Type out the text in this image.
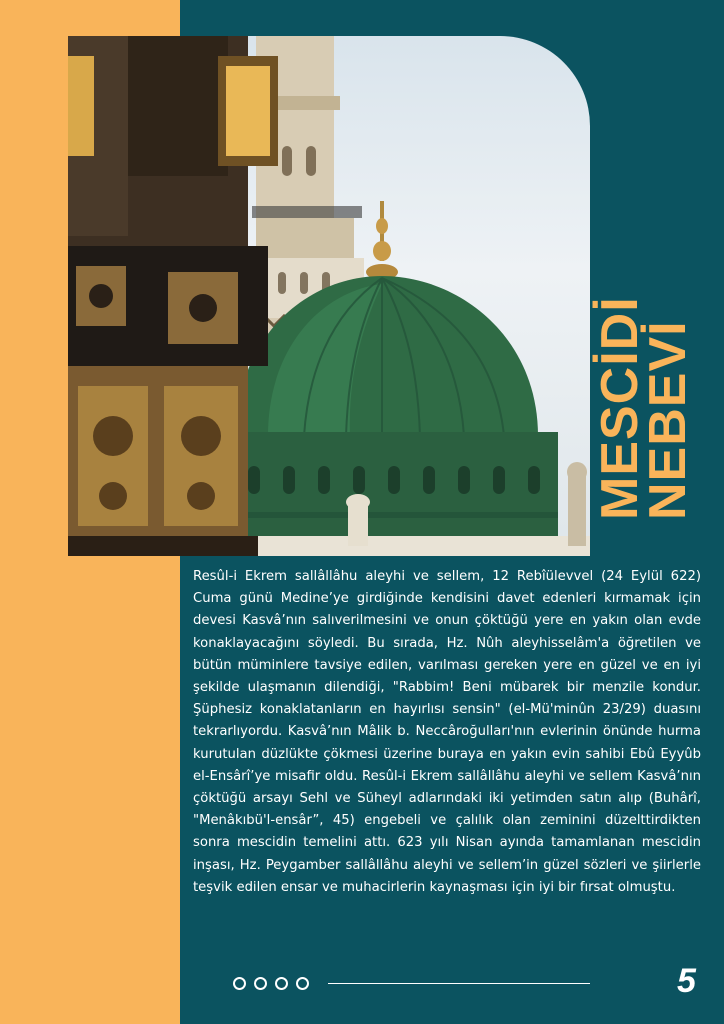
MESCİDİ
NEBEVİ

Resûl-i Ekrem sallâllâhu aleyhi ve sellem, 12 Rebîülevvel (24 Eylül 622) Cuma günü Medine’ye girdiğinde kendisini davet edenleri kırmamak için devesi Kasvâ’nın salıverilmesini ve onun çöktüğü yere en yakın olan evde konaklayacağını söyledi. Bu sırada, Hz. Nûh aleyhisselâm'a öğretilen ve bütün müminlere tavsiye edilen, varılması gereken yere en güzel ve en iyi şekilde ulaşmanın dilendiği, "Rabbim! Beni mübarek bir menzile kondur. Şüphesiz konaklatanların en hayırlısı sensin" (el-Mü'minûn 23/29) duasını tekrarlıyordu. Kasvâ’nın Mâlik b. Neccâroğulları'nın evlerinin önünde hurma kurutulan düzlükte çökmesi üzerine buraya en yakın evin sahibi Ebû Eyyûb el-Ensârî’ye misafir oldu. Resûl-i Ekrem sallâllâhu aleyhi ve sellem Kasvâ’nın çöktüğü arsayı Sehl ve Süheyl adlarındaki iki yetimden satın alıp (Buhârî, "Menâkıbü'l-ensâr”, 45) engebeli ve çalılık olan zeminini düzelttirdikten sonra mescidin temelini attı. 623 yılı Nisan ayında tamamlanan mescidin inşası, Hz. Peygamber sallâllâhu aleyhi ve sellem’in güzel sözleri ve şiirlerle teşvik edilen ensar ve muhacirlerin kaynaşması için iyi bir fırsat olmuştu.

5
